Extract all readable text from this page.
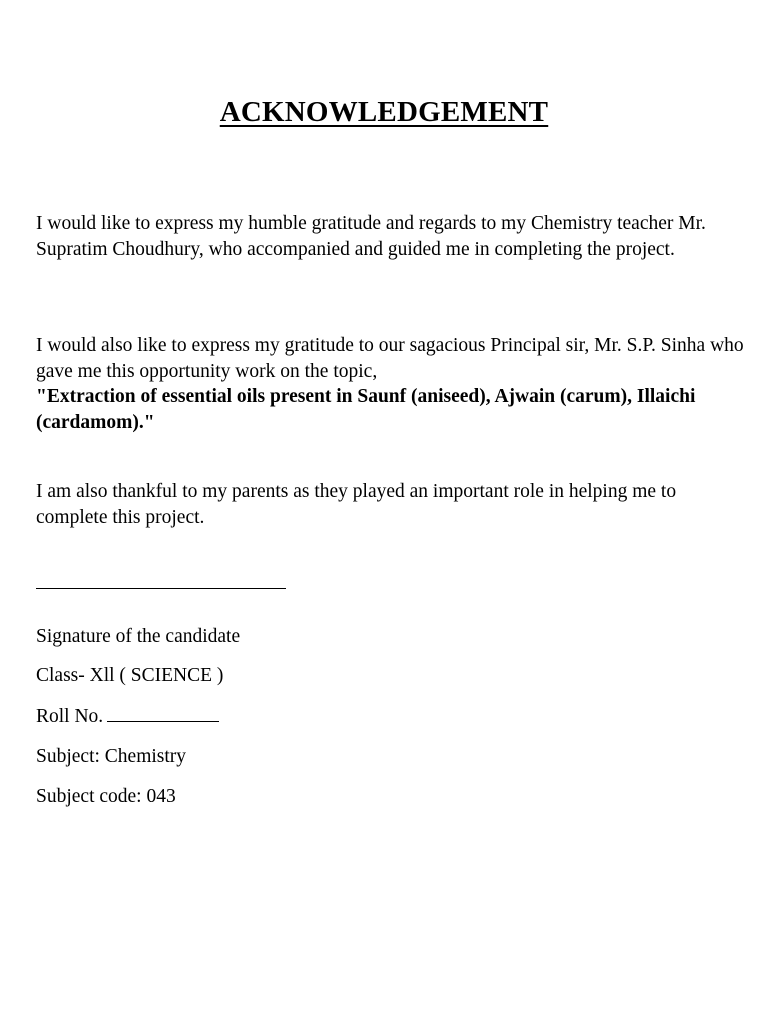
ACKNOWLEDGEMENT
I would like to express my humble gratitude and regards to my Chemistry teacher Mr. Supratim Choudhury, who accompanied and guided me in completing the project.
I would also like to express my gratitude to our sagacious Principal sir, Mr. S.P. Sinha who gave me this opportunity work on the topic,
"Extraction of essential oils present in Saunf (aniseed), Ajwain (carum), Illaichi (cardamom)."
I am also thankful to my parents as they played an important role in helping me to complete this project.
Signature of the candidate
Class- Xll ( SCIENCE )
Roll No.
Subject: Chemistry
Subject code: 043
